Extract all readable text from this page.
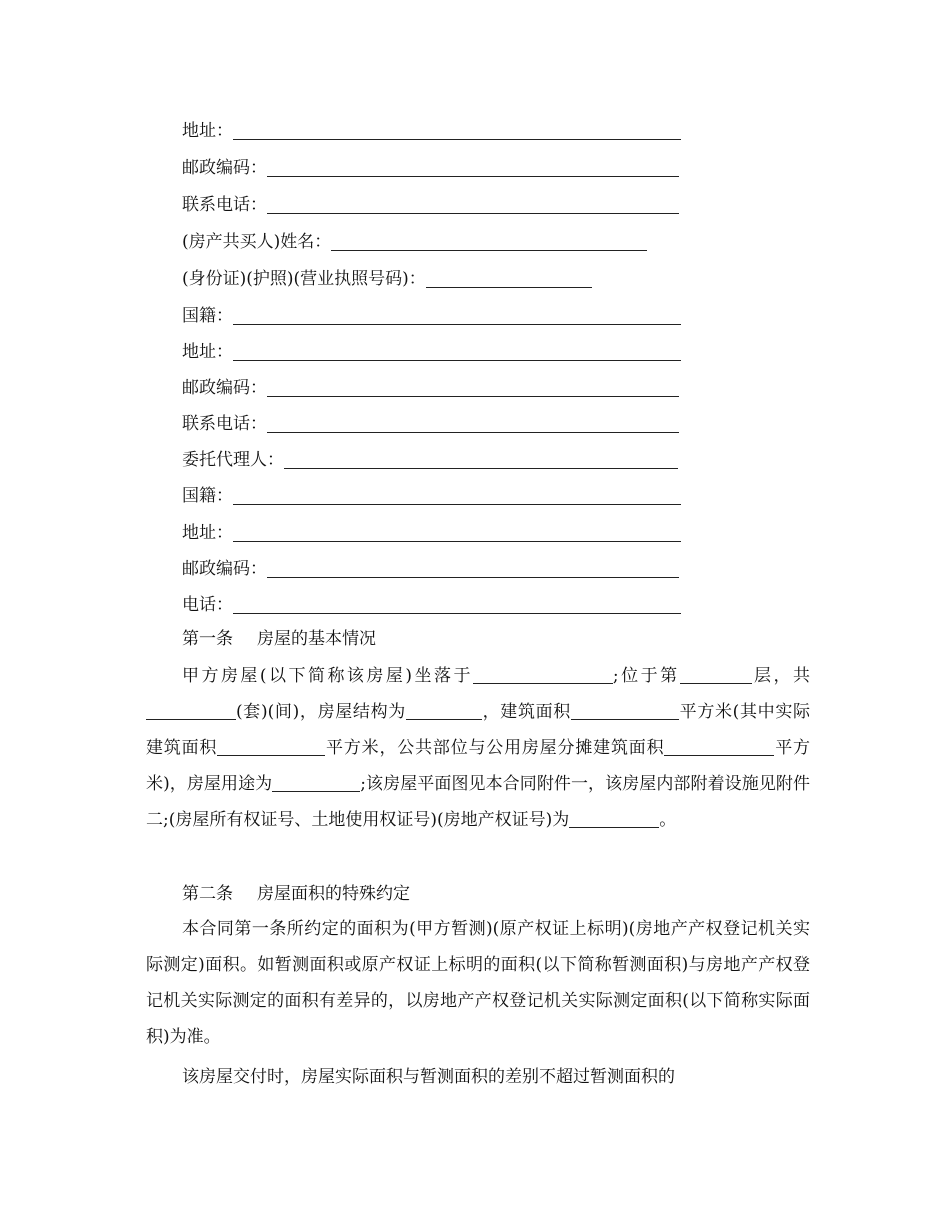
地址：
邮政编码：
联系电话：
(房产共买人)姓名：
(身份证)(护照)(营业执照号码)：
国籍：
地址：
邮政编码：
联系电话：
委托代理人：
国籍：
地址：
邮政编码：
电话：
第一条 房屋的基本情况
甲方房屋(以下简称该房屋)坐落于	;位于第	层，共(套)(间)，房屋结构为	，建筑面积	平方米(其中实际建筑面积	平方米，公共部位与公用房屋分摊建筑面积	平方米)，房屋用途为	;该房屋平面图见本合同附件一，该房屋内部附着设施见附件二;(房屋所有权证号、土地使用权证号)(房地产权证号)为	。
第二条 房屋面积的特殊约定
本合同第一条所约定的面积为(甲方暂测)(原产权证上标明)(房地产产权登记机关实际测定)面积。如暂测面积或原产权证上标明的面积(以下简称暂测面积)与房地产产权登记机关实际测定的面积有差异的，以房地产产权登记机关实际测定面积(以下简称实际面积)为准。
该房屋交付时，房屋实际面积与暂测面积的差别不超过暂测面积的
